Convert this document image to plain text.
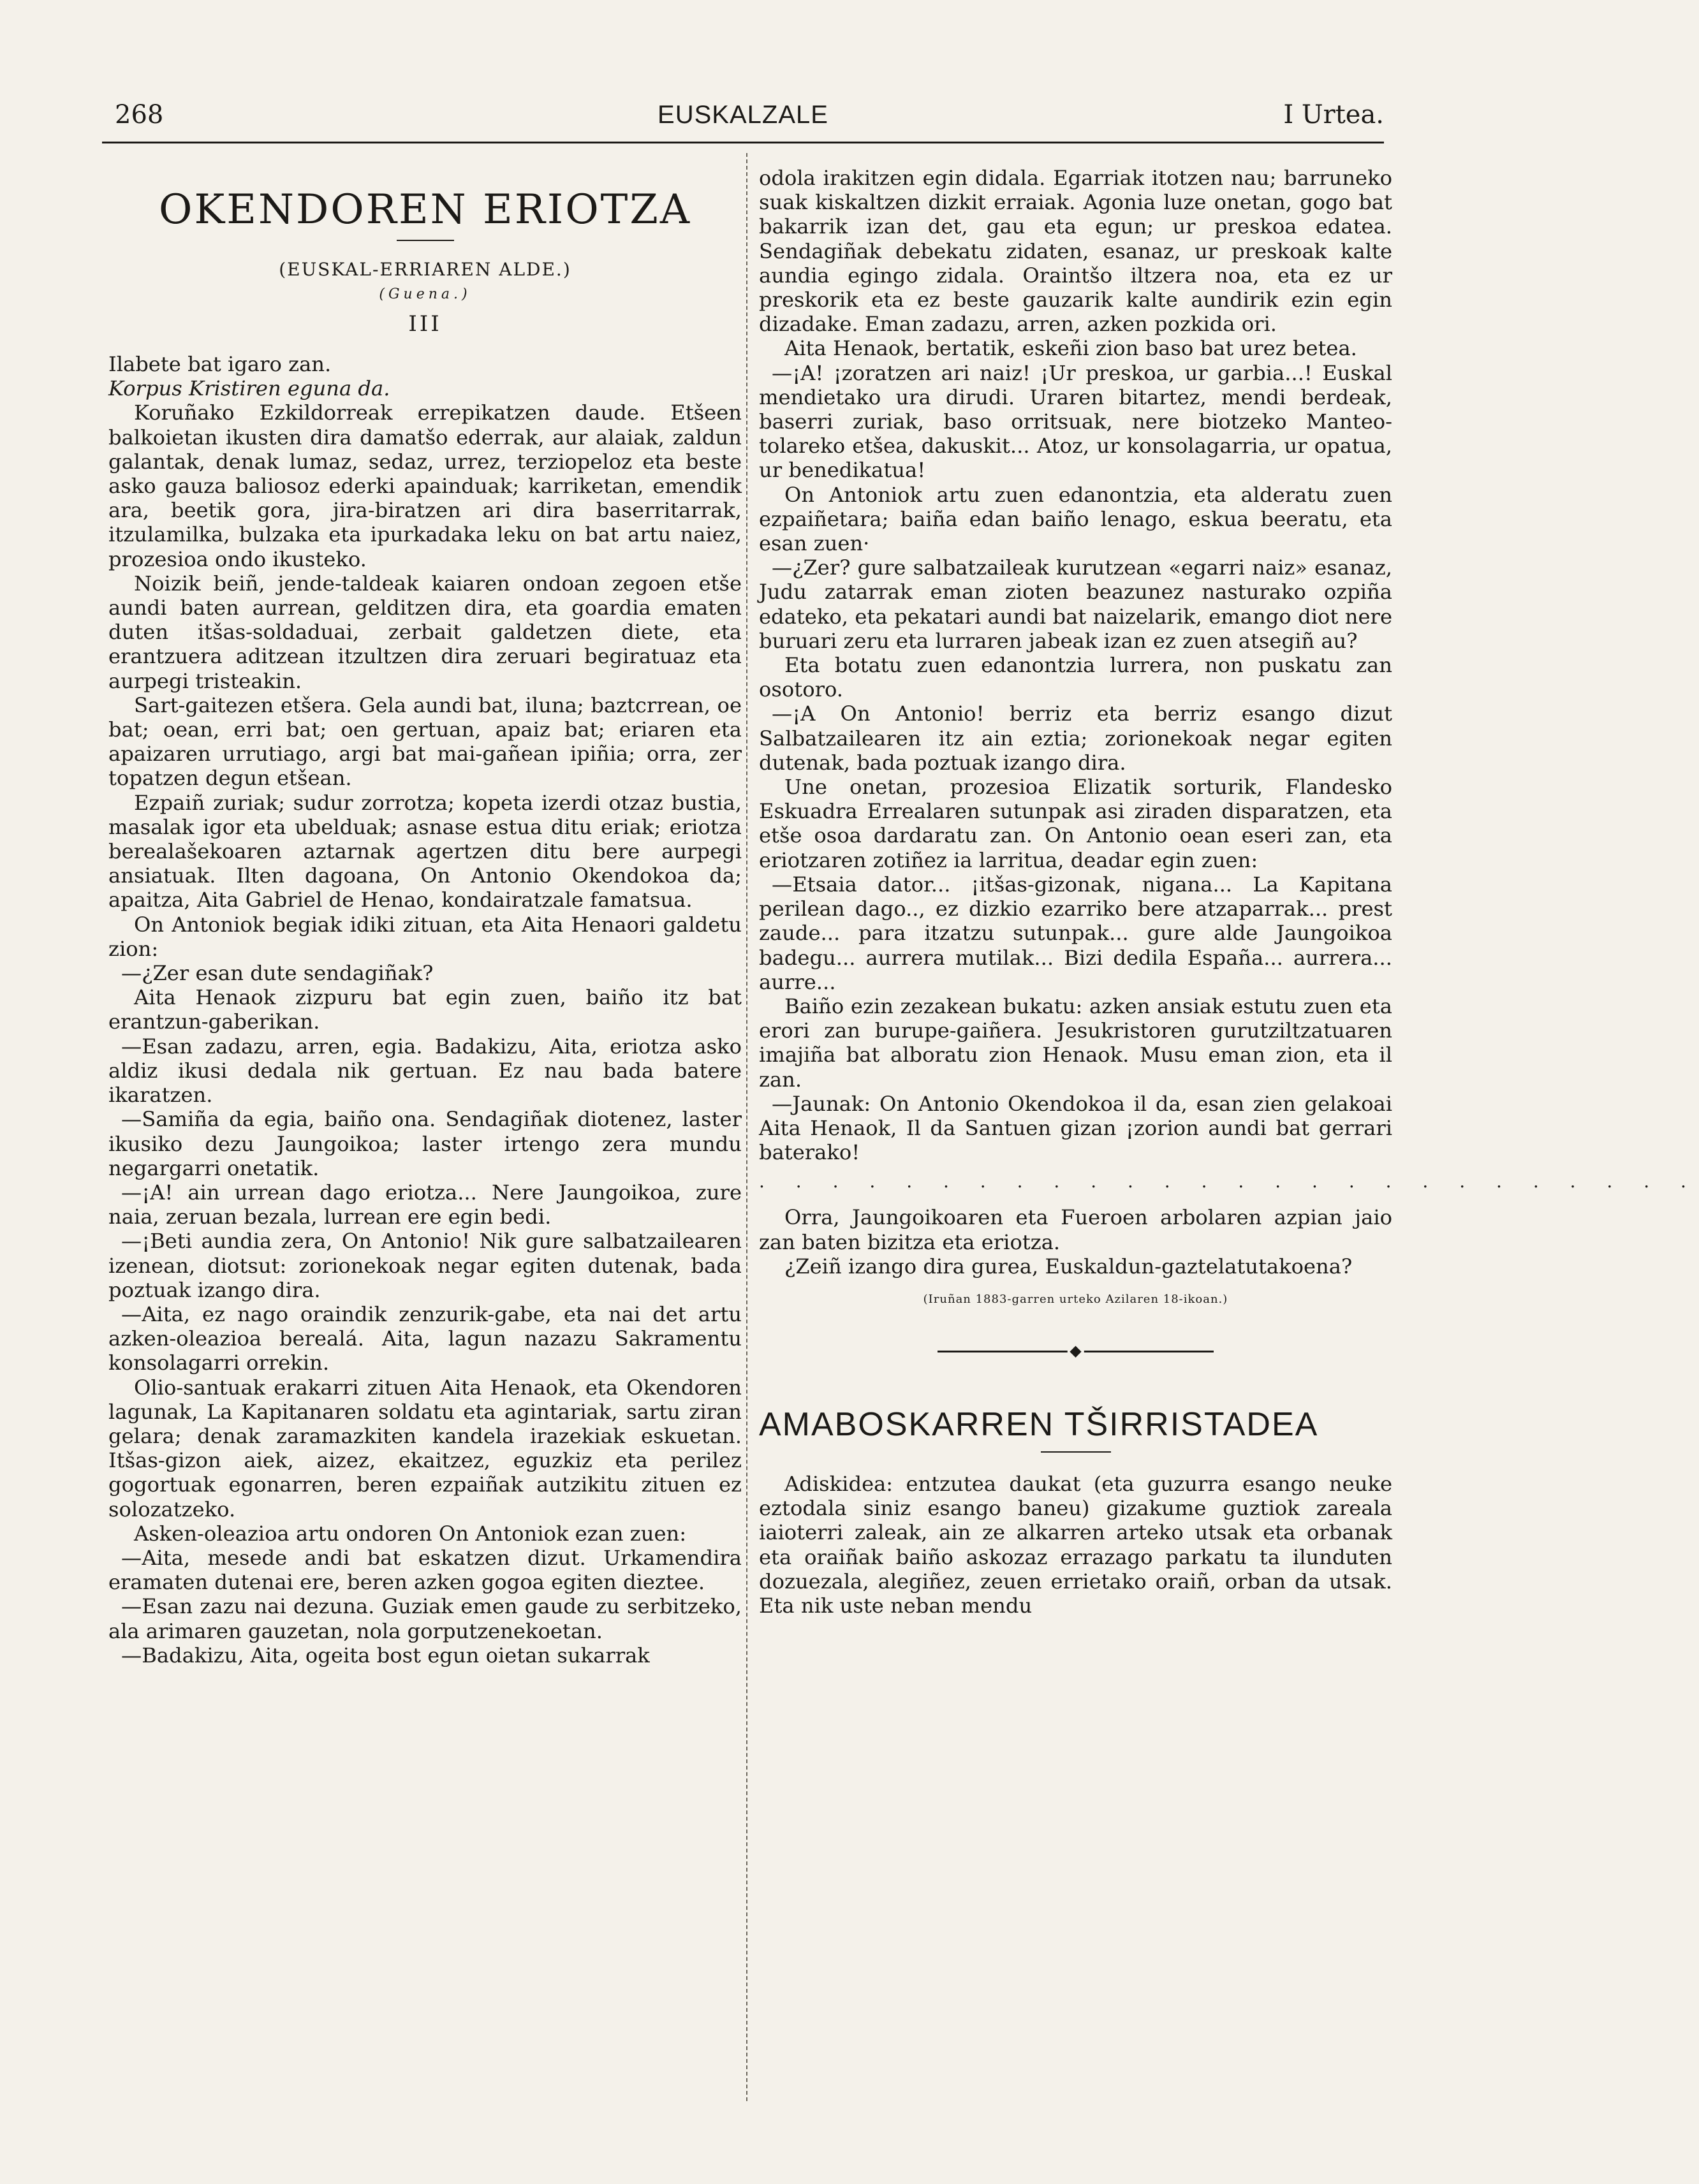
268	EUSKALZALE	I Urtea.
OKENDOREN ERIOTZA
(EUSKAL-ERRIAREN ALDE.)
(Guena.)
III

Ilabete bat igaro zan.

Korpus Kristiren eguna da.

Koruñako Ezkildorreak errepikatzen daude. Etšeen balkoietan ikusten dira damatšo ederrak, aur alaiak, zaldun galantak, denak lumaz, sedaz, urrez, terziopeloz eta beste asko gauza baliosoz ederki apainduak; karriketan, emendik ara, beetik gora, jira-biratzen ari dira baserritarrak, itzulamilka, bulzaka eta ipurkadaka leku on bat artu naiez, prozesioa ondo ikusteko.

Noizik beiñ, jende-taldeak kaiaren ondoan zegoen etše aundi baten aurrean, gelditzen dira, eta goardia ematen duten itšas-soldaduai, zerbait galdetzen diete, eta erantzuera aditzean itzultzen dira zeruari begiratuaz eta aurpegi tristeakin.

Sart-gaitezen etšera. Gela aundi bat, iluna; baztcrrean, oe bat; oean, erri bat; oen gertuan, apaiz bat; eriaren eta apaizaren urrutiago, argi bat mai-gañean ipiñia; orra, zer topatzen degun etšean.

Ezpaiñ zuriak; sudur zorrotza; kopeta izerdi otzaz bustia, masalak igor eta ubelduak; asnase estua ditu eriak; eriotza berealašekoaren aztarnak agertzen ditu bere aurpegi ansiatuak. Ilten dagoana, On Antonio Okendokoa da; apaitza, Aita Gabriel de Henao, kondairatzale famatsua.

On Antoniok begiak idiki zituan, eta Aita Henaori galdetu zion:

—¿Zer esan dute sendagiñak?

Aita Henaok zizpuru bat egin zuen, baiño itz bat erantzun-gaberikan.

—Esan zadazu, arren, egia. Badakizu, Aita, eriotza asko aldiz ikusi dedala nik gertuan. Ez nau bada batere ikaratzen.

—Samiña da egia, baiño ona. Sendagiñak diotenez, laster ikusiko dezu Jaungoikoa; laster irtengo zera mundu negargarri onetatik.

—¡A! ain urrean dago eriotza... Nere Jaungoikoa, zure naia, zeruan bezala, lurrean ere egin bedi.

—¡Beti aundia zera, On Antonio! Nik gure salbatzailearen izenean, diotsut: zorionekoak negar egiten dutenak, bada poztuak izango dira.

—Aita, ez nago oraindik zenzurik-gabe, eta nai det artu azken-oleazioa berealá. Aita, lagun nazazu Sakramentu konsolagarri orrekin.

Olio-santuak erakarri zituen Aita Henaok, eta Okendoren lagunak, La Kapitanaren soldatu eta agintariak, sartu ziran gelara; denak zaramazkiten kandela irazekiak eskuetan. Itšas-gizon aiek, aizez, ekaitzez, eguzkiz eta perilez gogortuak egonarren, beren ezpaiñak autzikitu zituen ez solozatzeko.

Asken-oleazioa artu ondoren On Antoniok ezan zuen:

—Aita, mesede andi bat eskatzen dizut. Urkamendira eramaten dutenai ere, beren azken gogoa egiten dieztee.

—Esan zazu nai dezuna. Guziak emen gaude zu serbitzeko, ala arimaren gauzetan, nola gorputzenekoetan.

—Badakizu, Aita, ogeita bost egun oietan sukarrak

odola irakitzen egin didala. Egarriak itotzen nau; barruneko suak kiskaltzen dizkit erraiak. Agonia luze onetan, gogo bat bakarrik izan det, gau eta egun; ur preskoa edatea. Sendagiñak debekatu zidaten, esanaz, ur preskoak kalte aundia egingo zidala. Oraintšo iltzera noa, eta ez ur preskorik eta ez beste gauzarik kalte aundirik ezin egin dizadake. Eman zadazu, arren, azken pozkida ori.

Aita Henaok, bertatik, eskeñi zion baso bat urez betea.

—¡A! ¡zoratzen ari naiz! ¡Ur preskoa, ur garbia...! Euskal mendietako ura dirudi. Uraren bitartez, mendi berdeak, baserri zuriak, baso orritsuak, nere biotzeko Manteo-tolareko etšea, dakuskit... Atoz, ur konsolagarria, ur opatua, ur benedikatua!

On Antoniok artu zuen edanontzia, eta alderatu zuen ezpaiñetara; baiña edan baiño lenago, eskua beeratu, eta esan zuen·

—¿Zer? gure salbatzaileak kurutzean «egarri naiz» esanaz, Judu zatarrak eman zioten beazunez nasturako ozpiña edateko, eta pekatari aundi bat naizelarik, emango diot nere buruari zeru eta lurraren jabeak izan ez zuen atsegiñ au?

Eta botatu zuen edanontzia lurrera, non puskatu zan osotoro.

—¡A On Antonio! berriz eta berriz esango dizut Salbatzailearen itz ain eztia; zorionekoak negar egiten dutenak, bada poztuak izango dira.

Une onetan, prozesioa Elizatik sorturik, Flandesko Eskuadra Errealaren sutunpak asi ziraden disparatzen, eta etše osoa dardaratu zan. On Antonio oean eseri zan, eta eriotzaren zotiñez ia larritua, deadar egin zuen:

—Etsaia dator... ¡itšas-gizonak, nigana... La Kapitana perilean dago.., ez dizkio ezarriko bere atzaparrak... prest zaude... para itzatzu sutunpak... gure alde Jaungoikoa badegu... aurrera mutilak... Bizi dedila España... aurrera... aurre...

Baiño ezin zezakean bukatu: azken ansiak estutu zuen eta erori zan burupe-gaiñera. Jesukristoren gurutziltzatuaren imajiña bat alboratu zion Henaok. Musu eman zion, eta il zan.

—Jaunak: On Antonio Okendokoa il da, esan zien gelakoai Aita Henaok, Il da Santuen gizan ¡zorion aundi bat gerrari baterako!

. . . . . . . . . . . . . . . . . . . . . . . . . .

Orra, Jaungoikoaren eta Fueroen arbolaren azpian jaio zan baten bizitza eta eriotza.

¿Zeiñ izango dira gurea, Euskaldun-gaztelatutakoena?

(Iruñan 1883-garren urteko Azilaren 18-ikoan.)
◆
AMABOSKARREN TŠIRRISTADEA

Adiskidea: entzutea daukat (eta guzurra esango neuke eztodala siniz esango baneu) gizakume guztiok zareala iaioterri zaleak, ain ze alkarren arteko utsak eta orbanak eta oraiñak baiño askozaz errazago parkatu ta ilunduten dozuezala, alegiñez, zeuen errietako oraiñ, orban da utsak. Eta nik uste neban mendu
